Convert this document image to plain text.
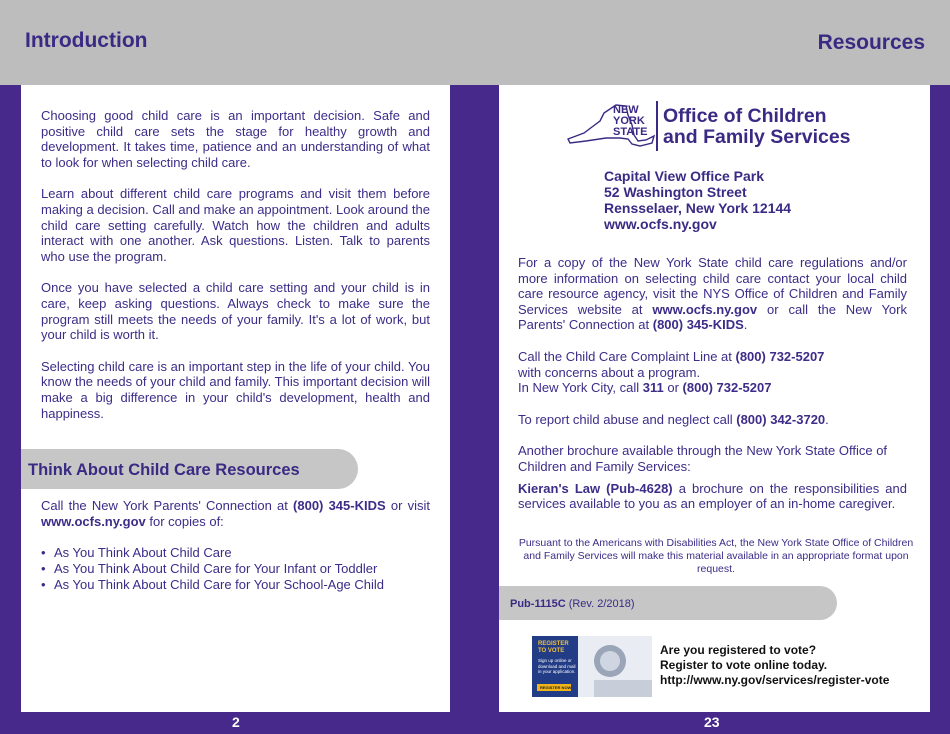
Introduction	Resources

Choosing good child care is an important decision. Safe and positive child care sets the stage for healthy growth and development. It takes time, patience and an understanding of what to look for when selecting child care.

Learn about different child care programs and visit them before making a decision. Call and make an appointment. Look around the child care setting carefully. Watch how the children and adults interact with one another. Ask questions. Listen. Talk to parents who use the program.

Once you have selected a child care setting and your child is in care, keep asking questions. Always check to make sure the program still meets the needs of your family. It's a lot of work, but your child is worth it.

Selecting child care is an important step in the life of your child. You know the needs of your child and family. This important decision will make a big difference in your child's development, health and happiness.

Think About Child Care Resources
Call the New York Parents' Connection at (800) 345-KIDS or visit www.ocfs.ny.gov for copies of:
• As You Think About Child Care
• As You Think About Child Care for Your Infant or Toddler
• As You Think About Child Care for Your School-Age Child
2
NEW
YORK
STATE
Office of Children
and Family Services
Capital View Office Park
52 Washington Street
Rensselaer, New York 12144
www.ocfs.ny.gov

For a copy of the New York State child care regulations and/or more information on selecting child care contact your local child care resource agency, visit the NYS Office of Children and Family Services website at www.ocfs.ny.gov or call the New York Parents' Connection at (800) 345-KIDS.

Call the Child Care Complaint Line at (800) 732-5207
with concerns about a program.
In New York City, call 311 or (800) 732-5207

To report child abuse and neglect call (800) 342-3720.

Another brochure available through the New York State Office of Children and Family Services:

Kieran's Law (Pub-4628) a brochure on the responsibilities and services available to you as an employer of an in-home caregiver.

Pursuant to the Americans with Disabilities Act, the New York State Office of Children and Family Services will make this material available in an appropriate format upon request.
Pub-1115C (Rev. 2/2018)
REGISTER
TO VOTE
Sign up online or
download and mail
in your application.
REGISTER NOW
Are you registered to vote?
Register to vote online today.
http://www.ny.gov/services/register-vote
23
